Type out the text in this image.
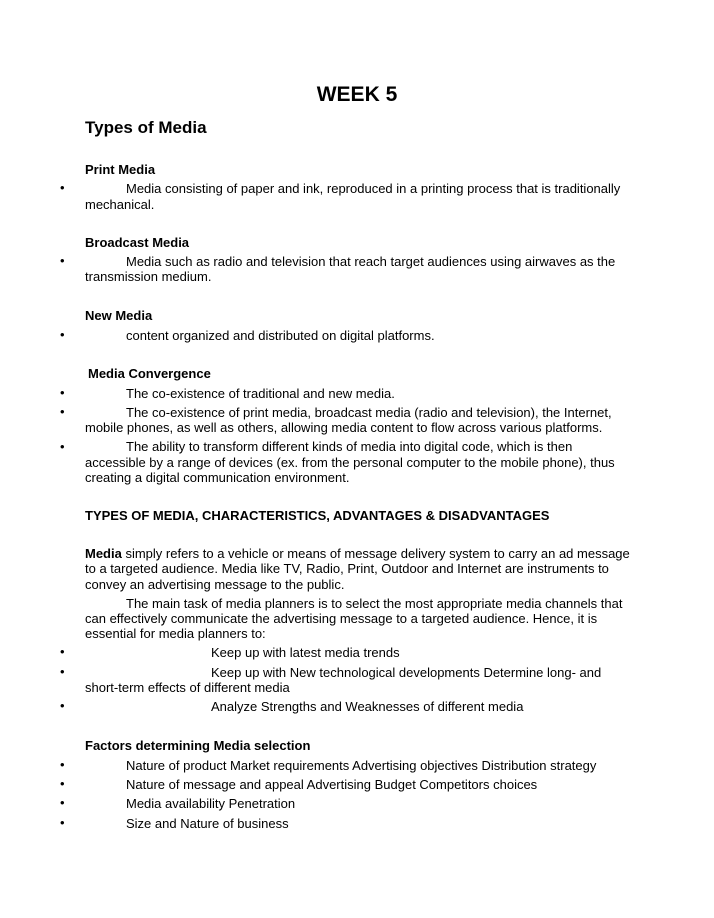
WEEK 5
Types of Media
Print Media
•	Media consisting of paper and ink, reproduced in a printing process that is traditionally
mechanical.
Broadcast Media
•	Media such as radio and television that reach target audiences using airwaves as the
transmission medium.
New Media
•	content organized and distributed on digital platforms.
Media Convergence
•	The co-existence of traditional and new media.
•	The co-existence of print media, broadcast media (radio and television), the Internet,
mobile phones, as well as others, allowing media content to flow across various platforms.
•	The ability to transform different kinds of media into digital code, which is then
accessible by a range of devices (ex. from the personal computer to the mobile phone), thus
creating a digital communication environment.
TYPES OF MEDIA, CHARACTERISTICS, ADVANTAGES & DISADVANTAGES
Media simply refers to a vehicle or means of message delivery system to carry an ad message
to a targeted audience. Media like TV, Radio, Print, Outdoor and Internet are instruments to
convey an advertising message to the public.
The main task of media planners is to select the most appropriate media channels that
can effectively communicate the advertising message to a targeted audience. Hence, it is
essential for media planners to:
•	Keep up with latest media trends
•	Keep up with New technological developments Determine long- and
short-term effects of different media
•	Analyze Strengths and Weaknesses of different media
Factors determining Media selection
•	Nature of product Market requirements Advertising objectives Distribution strategy
•	Nature of message and appeal Advertising Budget Competitors choices
•	Media availability Penetration
•	Size and Nature of business
